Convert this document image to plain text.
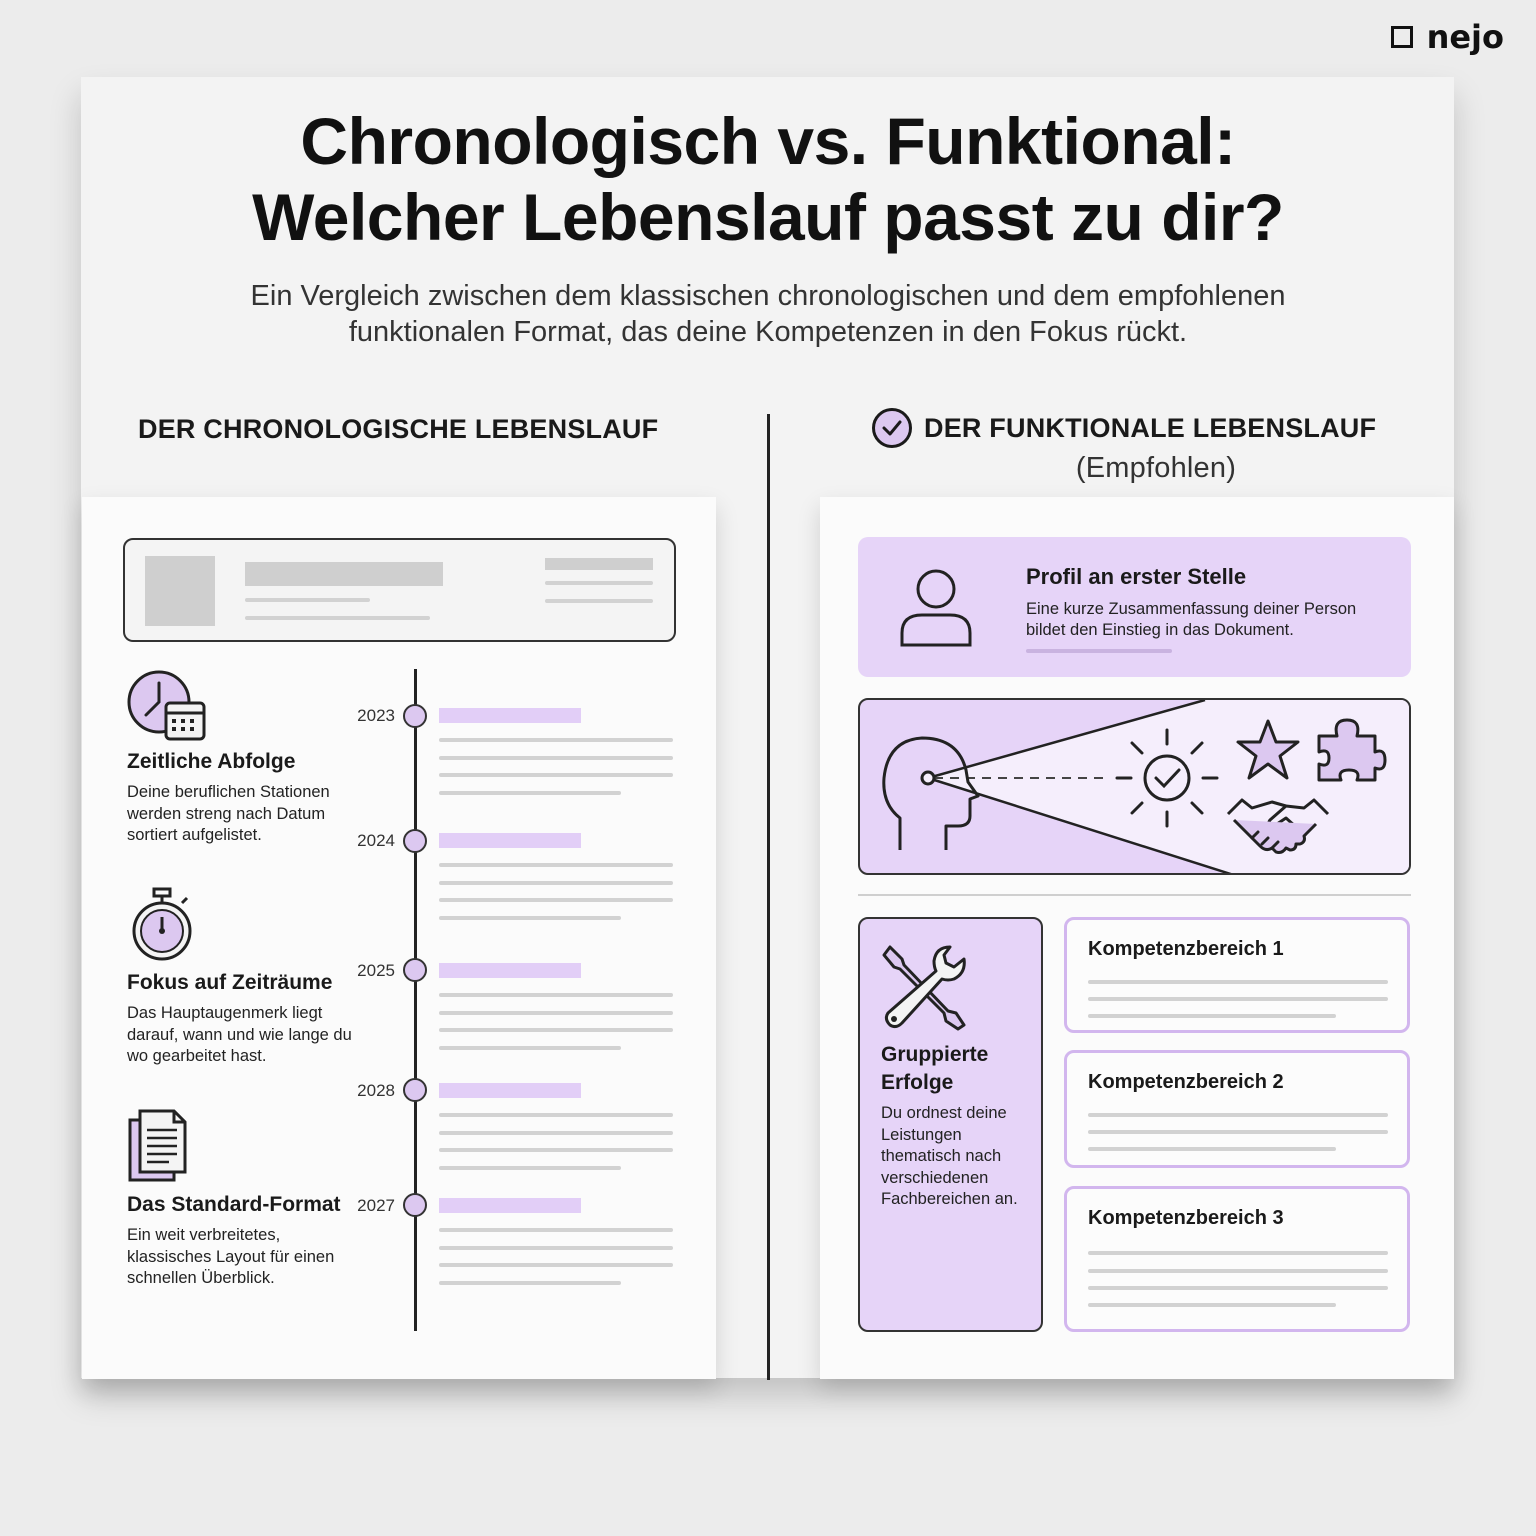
nejo
Chronologisch vs. Funktional:
Welcher Lebenslauf passt zu dir?

Ein Vergleich zwischen dem klassischen chronologischen und dem empfohlenen funktionalen Format, das deine Kompetenzen in den Fokus rückt.

DER CHRONOLOGISCHE LEBENSLAUF	DER FUNKTIONALE LEBENSLAUF
(Empfohlen)
Zeitliche Abfolge
Deine beruflichen Stationen werden streng nach Datum sortiert aufgelistet.
Fokus auf Zeiträume
Das Hauptaugenmerk liegt darauf, wann und wie lange du wo gearbeitet hast.
Das Standard-Format
Ein weit verbreitetes, klassisches Layout für einen schnellen Überblick.
2023
2024
2025
2028
2027
Profil an erster Stelle
Eine kurze Zusammenfassung deiner Person bildet den Einstieg in das Dokument.
Gruppierte Erfolge
Du ordnest deine Leistungen thematisch nach verschiedenen Fachbereichen an.
Kompetenzbereich 1
Kompetenzbereich 2
Kompetenzbereich 3
